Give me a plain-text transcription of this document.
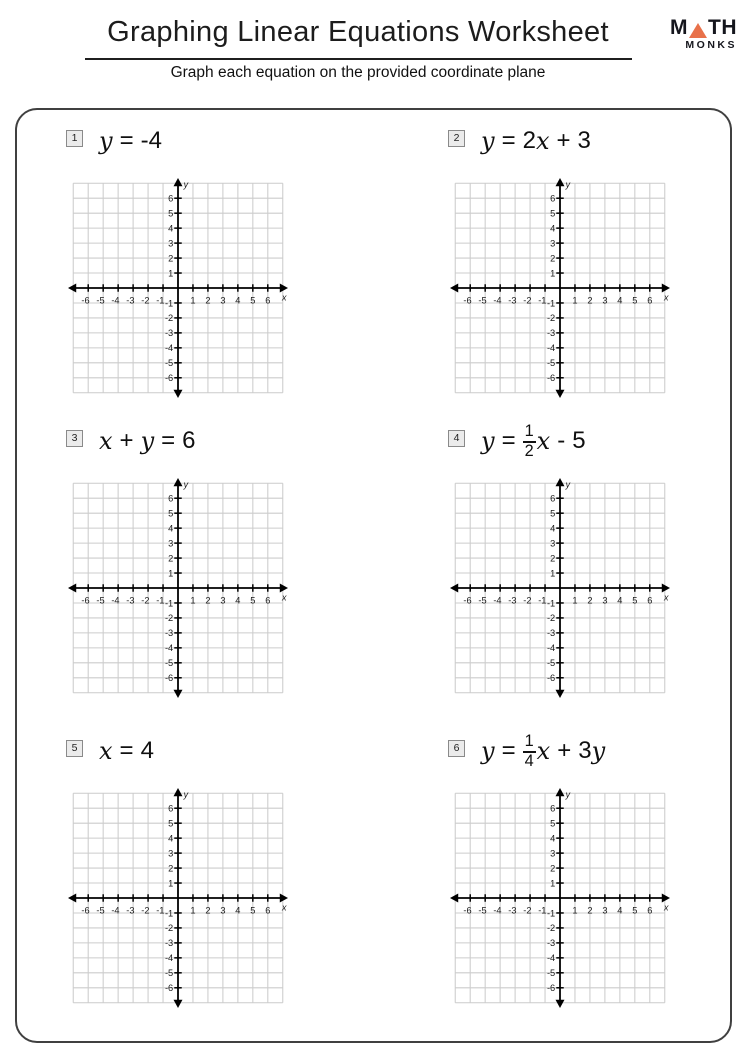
Graphing Linear Equations Worksheet
Graph each equation on the provided coordinate plane
M TH
MONKS
1 y = -4	2 y = 2 x + 3
3 x + y = 6	4 $y = \frac{1}{2}$ x - 5
5 x = 4	6 $y = \frac{1}{4}$ x + 3 y
